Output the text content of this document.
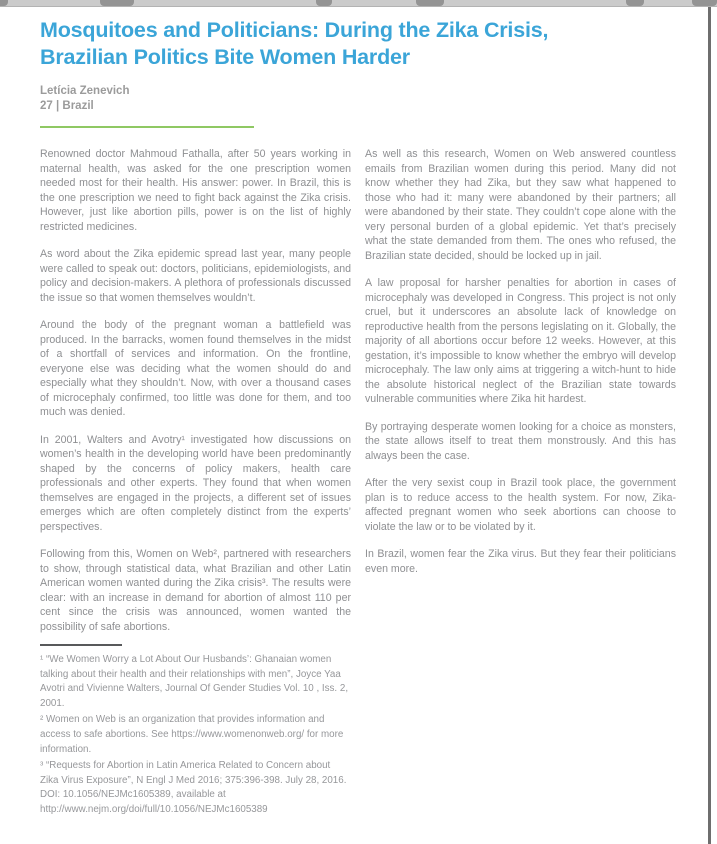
Mosquitoes and Politicians: During the Zika Crisis,
Brazilian Politics Bite Women Harder
Letícia Zenevich
27 | Brazil

Renowned doctor Mahmoud Fathalla, after 50 years working in maternal health, was asked for the one prescription women needed most for their health. His answer: power. In Brazil, this is the one prescription we need to fight back against the Zika crisis. However, just like abortion pills, power is on the list of highly restricted medicines.

As word about the Zika epidemic spread last year, many people were called to speak out: doctors, politicians, epidemiologists, and policy and decision-makers. A plethora of professionals discussed the issue so that women themselves wouldn’t.

Around the body of the pregnant woman a battlefield was produced. In the barracks, women found themselves in the midst of a shortfall of services and information. On the frontline, everyone else was deciding what the women should do and especially what they shouldn’t. Now, with over a thousand cases of microcephaly confirmed, too little was done for them, and too much was denied.

In 2001, Walters and Avotry¹ investigated how discussions on women’s health in the developing world have been predominantly shaped by the concerns of policy makers, health care professionals and other experts. They found that when women themselves are engaged in the projects, a different set of issues emerges which are often completely distinct from the experts’ perspectives.

Following from this, Women on Web², partnered with researchers to show, through statistical data, what Brazilian and other Latin American women wanted during the Zika crisis³. The results were clear: with an increase in demand for abortion of almost 110 per cent since the crisis was announced, women wanted the possibility of safe abortions.

¹ “We Women Worry a Lot About Our Husbands’: Ghanaian women talking about their health and their relationships with men”, Joyce Yaa Avotri and Vivienne Walters, Journal Of Gender Studies Vol. 10 , Iss. 2, 2001.

² Women on Web is an organization that provides information and access to safe abortions. See https://www.womenonweb.org/ for more information.

³ “Requests for Abortion in Latin America Related to Concern about Zika Virus Exposure”, N Engl J Med 2016; 375:396-398. July 28, 2016. DOI: 10.1056/NEJMc1605389, available at http://www.nejm.org/doi/full/10.1056/NEJMc1605389

As well as this research, Women on Web answered countless emails from Brazilian women during this period. Many did not know whether they had Zika, but they saw what happened to those who had it: many were abandoned by their partners; all were abandoned by their state. They couldn’t cope alone with the very personal burden of a global epidemic. Yet that’s precisely what the state demanded from them. The ones who refused, the Brazilian state decided, should be locked up in jail.

A law proposal for harsher penalties for abortion in cases of microcephaly was developed in Congress. This project is not only cruel, but it underscores an absolute lack of knowledge on reproductive health from the persons legislating on it. Globally, the majority of all abortions occur before 12 weeks. However, at this gestation, it’s impossible to know whether the embryo will develop microcephaly. The law only aims at triggering a witch-hunt to hide the absolute historical neglect of the Brazilian state towards vulnerable communities where Zika hit hardest.

By portraying desperate women looking for a choice as monsters, the state allows itself to treat them monstrously. And this has always been the case.

After the very sexist coup in Brazil took place, the government plan is to reduce access to the health system. For now, Zika-affected pregnant women who seek abortions can choose to violate the law or to be violated by it.

In Brazil, women fear the Zika virus. But they fear their politicians even more.
